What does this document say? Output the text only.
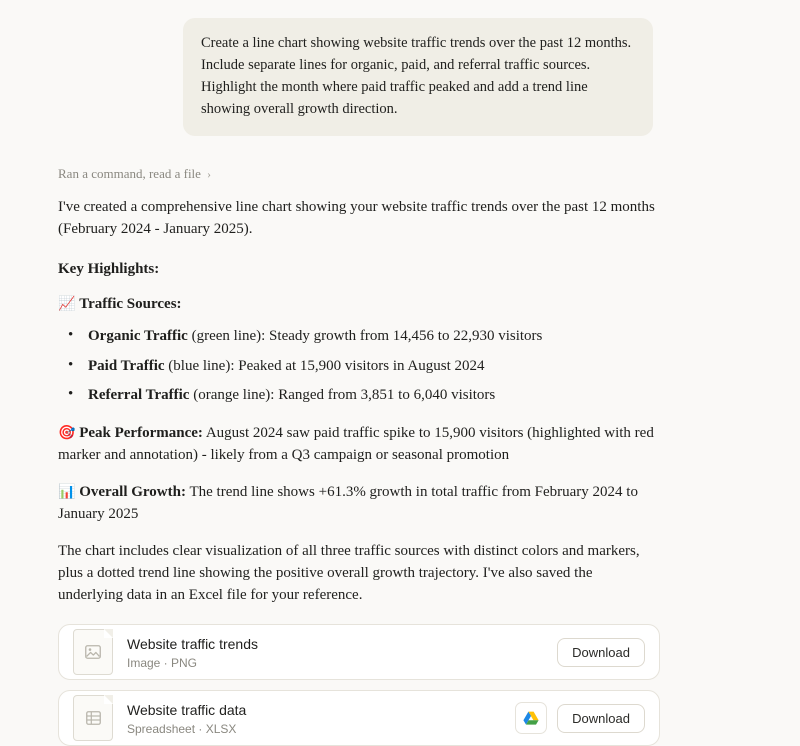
Create a line chart showing website traffic trends over the past 12 months. Include separate lines for organic, paid, and referral traffic sources. Highlight the month where paid traffic peaked and add a trend line showing overall growth direction.
Ran a command, read a file ›

I've created a comprehensive line chart showing your website traffic trends over the past 12 months (February 2024 - January 2025).

Key Highlights:

📈 Traffic Sources:

• Organic Traffic (green line): Steady growth from 14,456 to 22,930 visitors
• Paid Traffic (blue line): Peaked at 15,900 visitors in August 2024
• Referral Traffic (orange line): Ranged from 3,851 to 6,040 visitors

🎯 Peak Performance: August 2024 saw paid traffic spike to 15,900 visitors (highlighted with red marker and annotation) - likely from a Q3 campaign or seasonal promotion

📊 Overall Growth: The trend line shows +61.3% growth in total traffic from February 2024 to January 2025

The chart includes clear visualization of all three traffic sources with distinct colors and markers, plus a dotted trend line showing the positive overall growth trajectory. I've also saved the underlying data in an Excel file for your reference.

Website traffic trends
Image · PNG
Download
Website traffic data
Spreadsheet · XLSX
Download
